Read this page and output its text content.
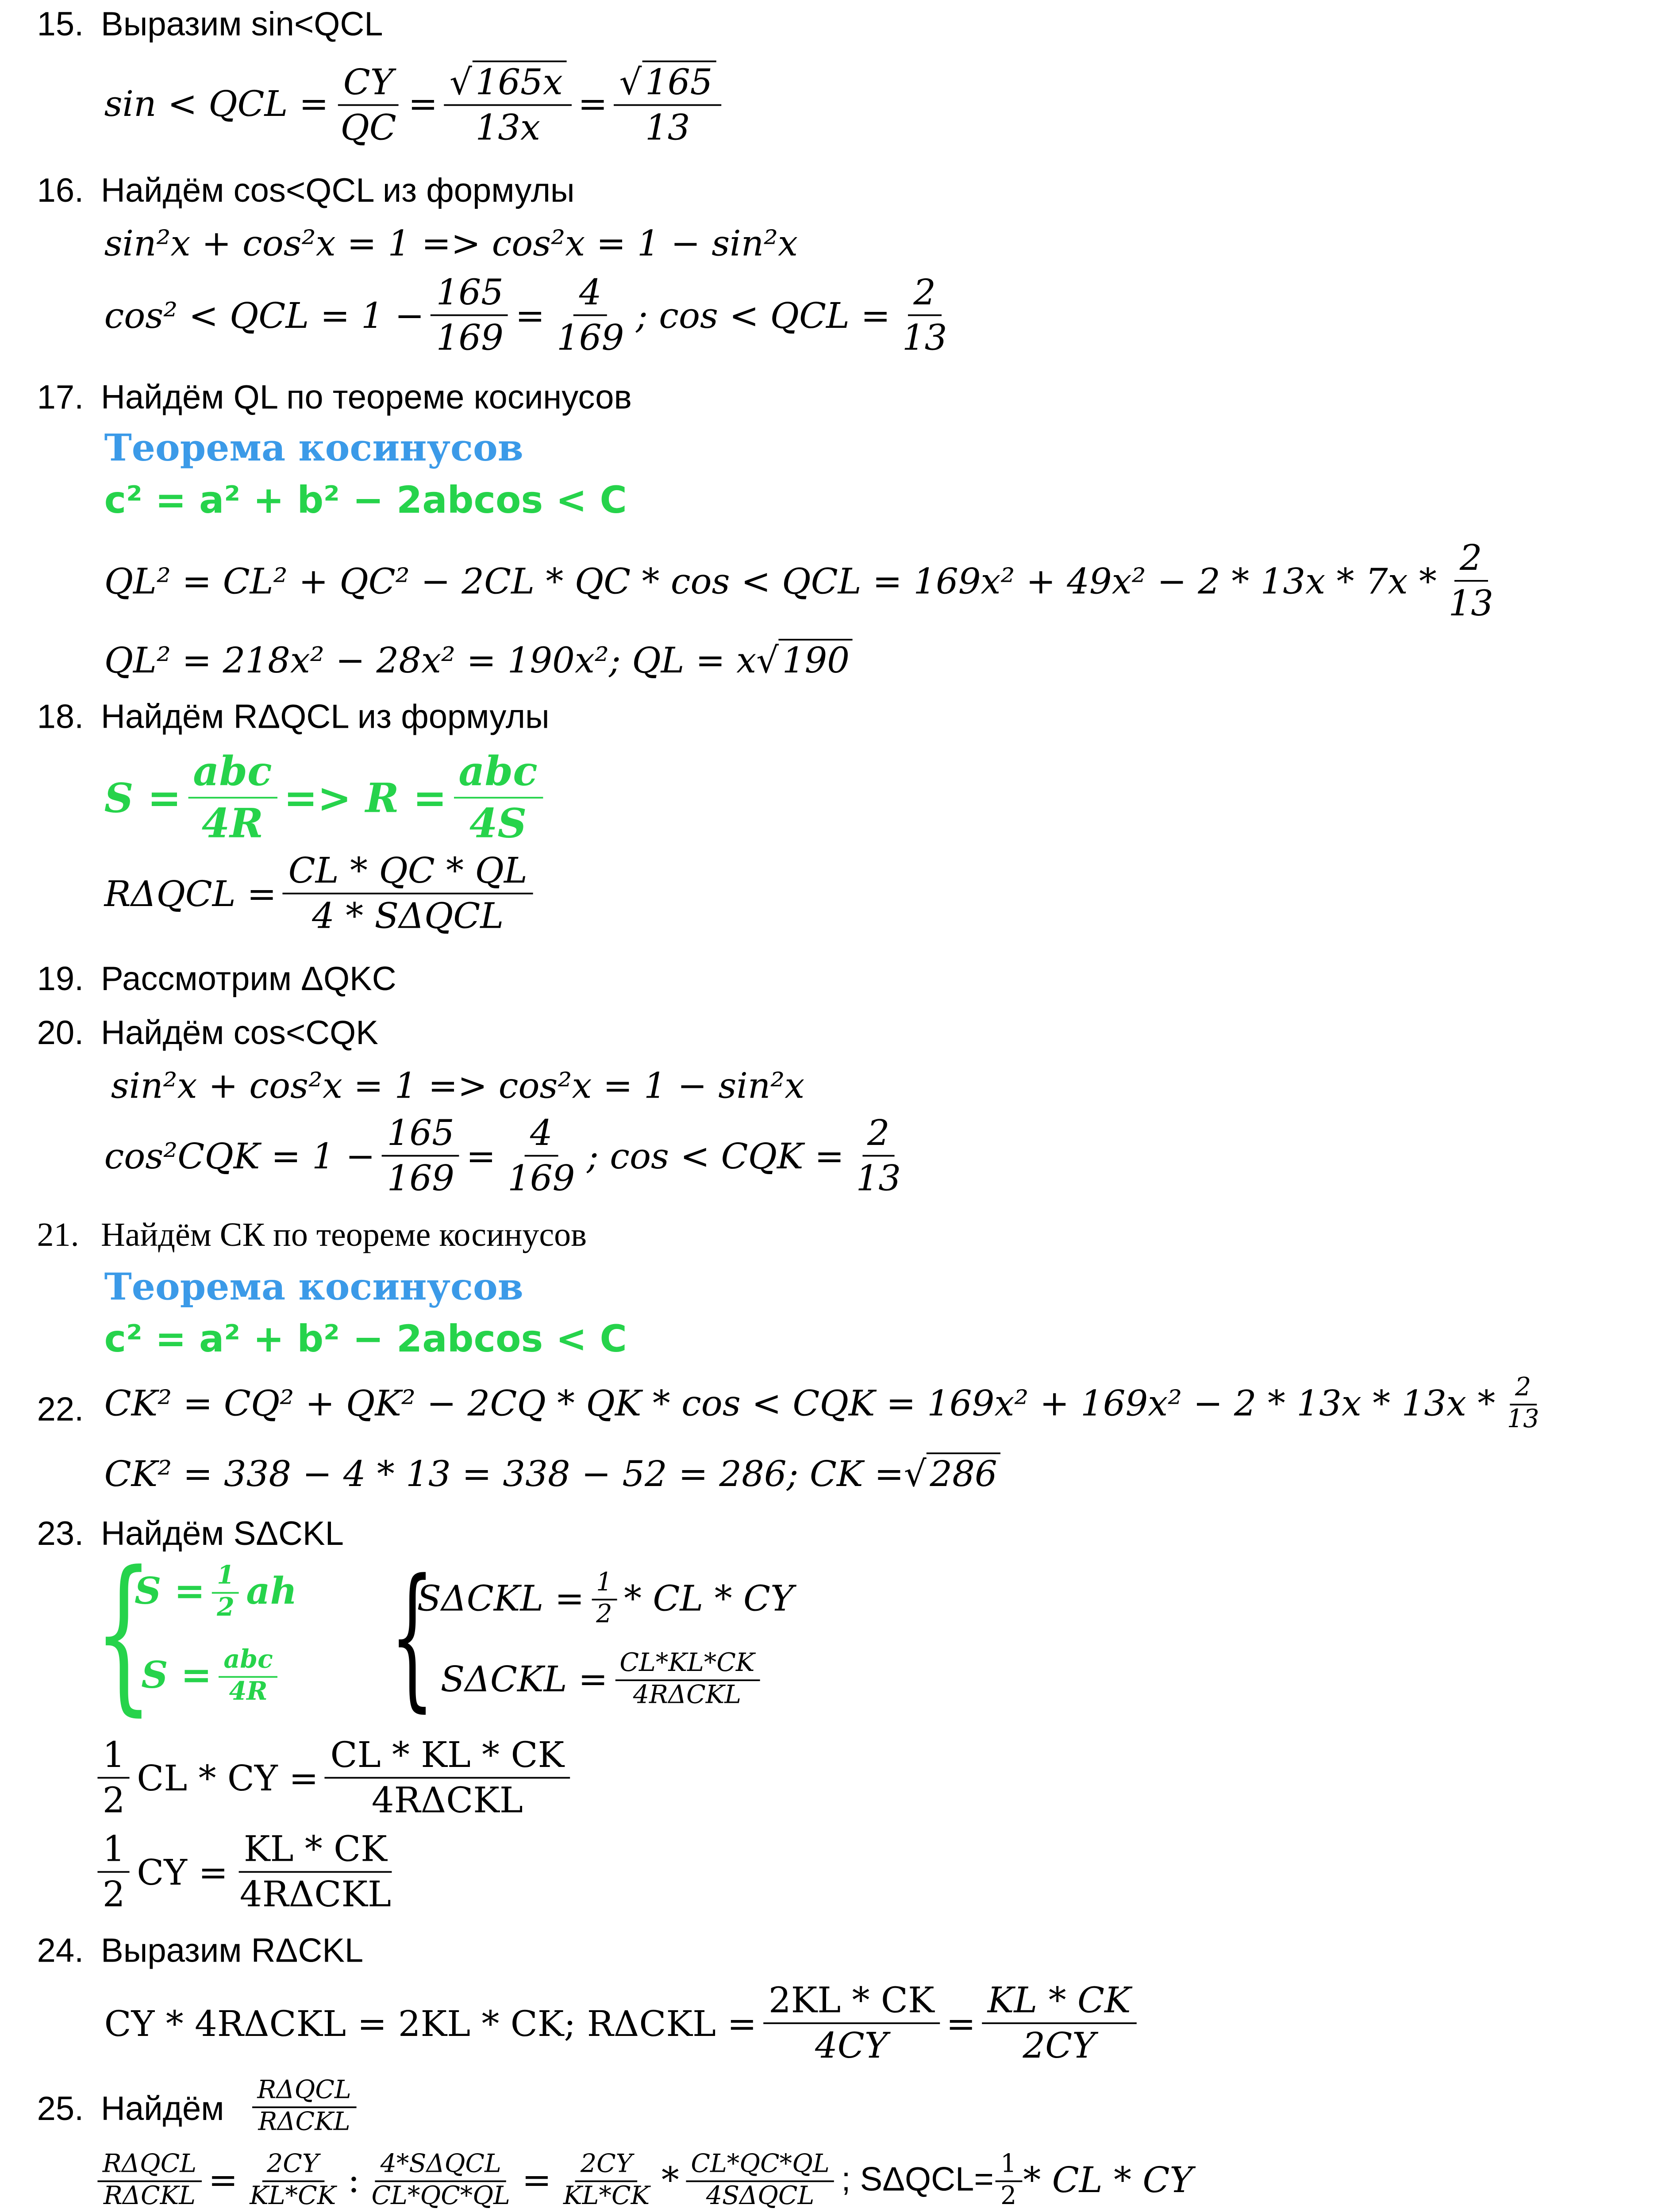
15. Выразим sin<QCL
sin < QCL = $\frac{CY}{QC} = \frac{√ 165x}{13x} = \frac{√ 165}{13}$
16. Найдём cos<QCL из формулы
sin²x + cos²x = 1 => cos²x = 1 − sin²x
cos² < QCL = $1 - \frac{165}{169} = \frac{4}{169}$ ; cos < QCL = $\frac{2}{13}$
17. Найдём QL по теореме косинусов
Теорема косинусов
c² = a² + b² − 2abcos < C
QL² = CL² + QC² − 2CL * QC * cos < QCL = $169x^2 + 49x^2 - 2 * 13x * 7x * \frac{2}{13}$
QL² = 218x² − 28x² = 190x²; QL = x √ 190
18. Найдём RΔQCL из формулы
$S = \frac{\text{abc}}{4R} => R = \frac{\text{abc}}{4S}$
$R\Delta QCL = \frac{CL * QC * QL}{\text{4 * SΔQCL}}$
19. Рассмотрим ΔQKC
20. Найдём cos<CQK
sin²x + cos²x = 1 => cos²x = 1 − sin²x
$\cos^2CQK = 1 - \frac{165}{169} = \frac{4}{169}$ ; cos < CQK = $\frac{2}{13}$
21. Найдём СК по теореме косинусов
Теорема косинусов
c² = a² + b² − 2abcos < C
22.	CK² = CQ² + QK² − 2CQ * QK * cos < CQK = $169x^2 + 169x^2 - 2 * 13x * 13x * \frac{2}{13}$
CK² = 338 − 4 * 13 = 338 − 52 = 286; CK = √ 286
23. Найдём SΔCKL
{
$S = \frac{1}{2}$ ah
$S = \frac{\text{abc}}{4R}$	{
$S\Delta CKL = \frac{1}{2}$ * CL * CY
$S\Delta CKL = \frac{CL*KL*CK}{\text{4RΔCKL}}$
$\frac{1}{2}$ CL * CY = $\frac{CL * KL * CK}{\text{4RΔCKL}}$
$\frac{1}{2}$ CY = $\frac{KL * CK}{\text{4RΔCKL}}$
24. Выразим RΔCKL
CY * 4RΔCKL = 2KL * CK; $R\Delta CKL = \frac{2KL * CK}{4CY} = \frac{KL * CK}{2CY}$
25. Найдём	$\frac{\text{RΔQCL}}{\text{RΔCKL}}$
$\frac{\text{RΔQCL}}{\text{RΔCKL}} = \frac{2CY}{KL*CK}$ : $\frac{\text{4*SΔQCL}}{CL*QC*QL} = \frac{2CY}{KL*CK} * \frac{CL*QC*QL}{\text{4SΔQCL}}$ ; $S\Delta QCL= \frac{1}{2}$ * CL * CY
